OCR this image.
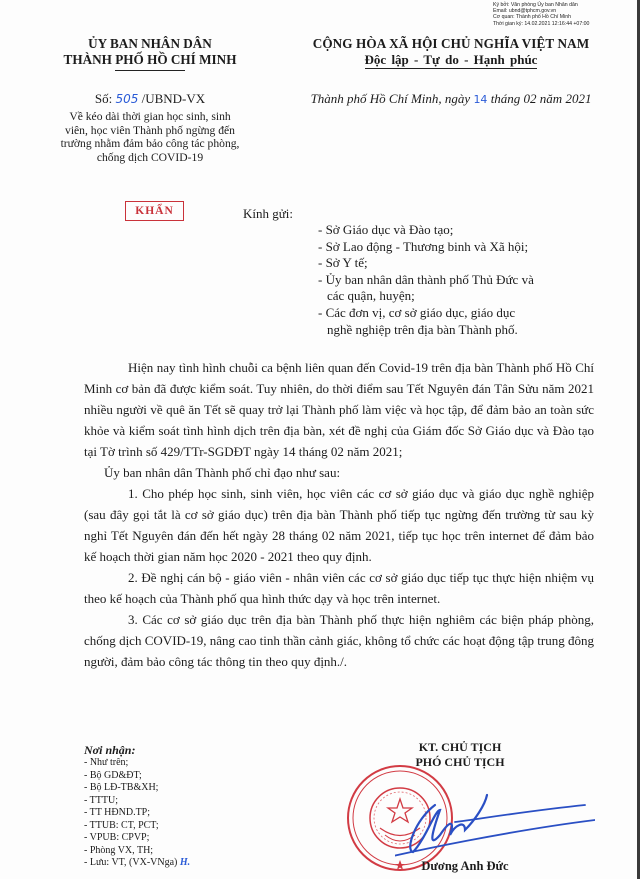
Ký bởi: Văn phòng Ủy ban Nhân dân
Email: ubnd@tphcm.gov.vn
Cơ quan: Thành phố Hồ Chí Minh
Thời gian ký: 14.02.2021 12:16:44 +07:00
ỦY BAN NHÂN DÂN
THÀNH PHỐ HỒ CHÍ MINH
CỘNG HÒA XÃ HỘI CHỦ NGHĨA VIỆT NAM
Độc lập - Tự do - Hạnh phúc
Số: 505 /UBND-VX	Thành phố Hồ Chí Minh, ngày 14 tháng 02 năm 2021
Về kéo dài thời gian học sinh, sinh viên, học viên Thành phố ngừng đến trường nhằm đảm bảo công tác phòng, chống dịch COVID-19
KHẨN	Kính gửi:
- Sở Giáo dục và Đào tạo;
- Sở Lao động - Thương binh và Xã hội;
- Sở Y tế;
- Ủy ban nhân dân thành phố Thủ Đức và
các quận, huyện;
- Các đơn vị, cơ sở giáo dục, giáo dục
nghề nghiệp trên địa bàn Thành phố.

Hiện nay tình hình chuỗi ca bệnh liên quan đến Covid-19 trên địa bàn Thành phố Hồ Chí Minh cơ bản đã được kiểm soát. Tuy nhiên, do thời điểm sau Tết Nguyên đán Tân Sửu năm 2021 nhiều người về quê ăn Tết sẽ quay trở lại Thành phố làm việc và học tập, để đảm bảo an toàn sức khỏe và kiểm soát tình hình dịch trên địa bàn, xét đề nghị của Giám đốc Sở Giáo dục và Đào tạo tại Tờ trình số 429/TTr-SGDĐT ngày 14 tháng 02 năm 2021;

Ủy ban nhân dân Thành phố chỉ đạo như sau:

1. Cho phép học sinh, sinh viên, học viên các cơ sở giáo dục và giáo dục nghề nghiệp (sau đây gọi tắt là cơ sở giáo dục) trên địa bàn Thành phố tiếp tục ngừng đến trường từ sau kỳ nghỉ Tết Nguyên đán đến hết ngày 28 tháng 02 năm 2021, tiếp tục học trên internet để đảm bảo kế hoạch thời gian năm học 2020 - 2021 theo quy định.

2. Đề nghị cán bộ - giáo viên - nhân viên các cơ sở giáo dục tiếp tục thực hiện nhiệm vụ theo kế hoạch của Thành phố qua hình thức dạy và học trên internet.

3. Các cơ sở giáo dục trên địa bàn Thành phố thực hiện nghiêm các biện pháp phòng, chống dịch COVID-19, nâng cao tinh thần cảnh giác, không tổ chức các hoạt động tập trung đông người, đảm bảo công tác thông tin theo quy định./.

Nơi nhận:
- Như trên;
- Bộ GD&ĐT;
- Bộ LĐ-TB&XH;
- TTTU;
- TT HĐND.TP;
- TTUB: CT, PCT;
- VPUB: CPVP;
- Phòng VX, TH;
- Lưu: VT, (VX-VNga) H.
KT. CHỦ TỊCH
PHÓ CHỦ TỊCH
Dương Anh Đức
